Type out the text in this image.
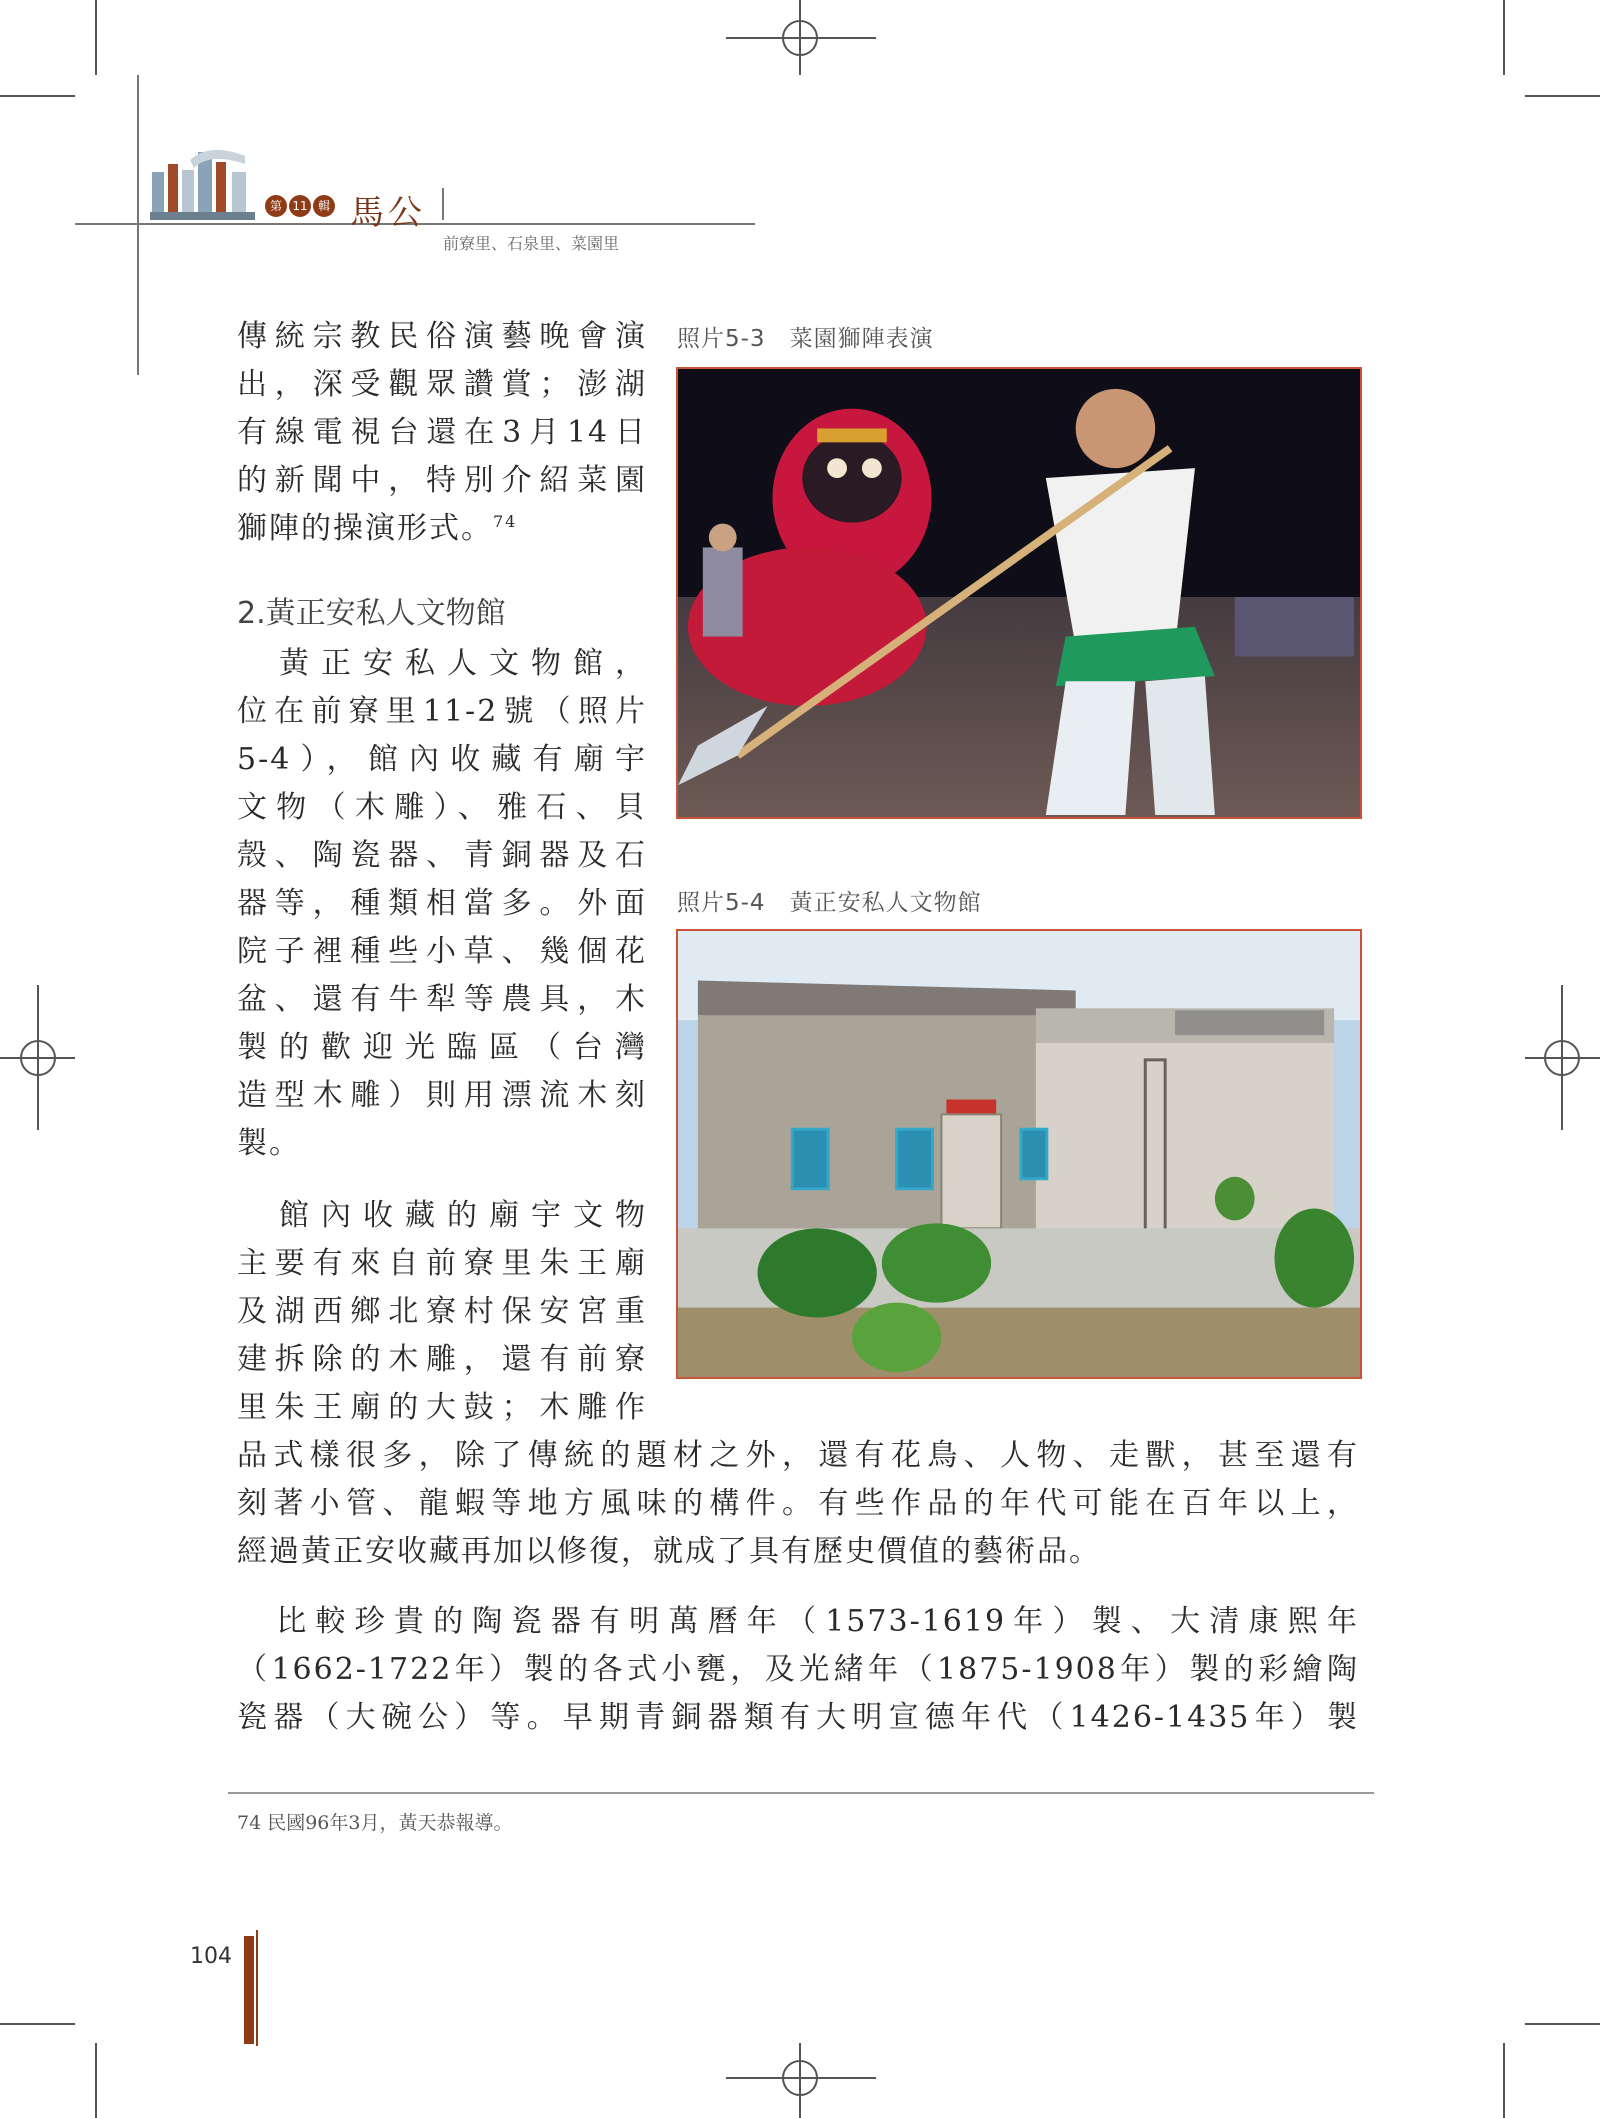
第 11 輯 馬公
前寮里、石泉里、菜園里
傳統宗教民俗演藝晚會演
出，深受觀眾讚賞；澎湖
有線電視台還在3月14日
的新聞中，特別介紹菜園
獅陣的操演形式。$^{74}$
2.黃正安私人文物館
　黃正安私人文物館，
位在前寮里11-2號（照片
5-4），館內收藏有廟宇
文物（木雕）、雅石、貝
殼、陶瓷器、青銅器及石
器等，種類相當多。外面
院子裡種些小草、幾個花
盆、還有牛犁等農具，木
製的歡迎光臨區（台灣
造型木雕）則用漂流木刻
製。
　館內收藏的廟宇文物
主要有來自前寮里朱王廟
及湖西鄉北寮村保安宮重
建拆除的木雕，還有前寮
里朱王廟的大鼓；木雕作
品式樣很多，除了傳統的題材之外，還有花鳥、人物、走獸，甚至還有
刻著小管、龍蝦等地方風味的構件。有些作品的年代可能在百年以上，
經過黃正安收藏再加以修復，就成了具有歷史價值的藝術品。
　比較珍貴的陶瓷器有明萬曆年（1573-1619年）製、大清康熙年
（1662-1722年）製的各式小甕，及光緒年（1875-1908年）製的彩繪陶
瓷器（大碗公）等。早期青銅器類有大明宣德年代（1426-1435年）製
照片5-3　菜園獅陣表演
照片5-4　黃正安私人文物館
74 民國96年3月，黃天恭報導。
104
